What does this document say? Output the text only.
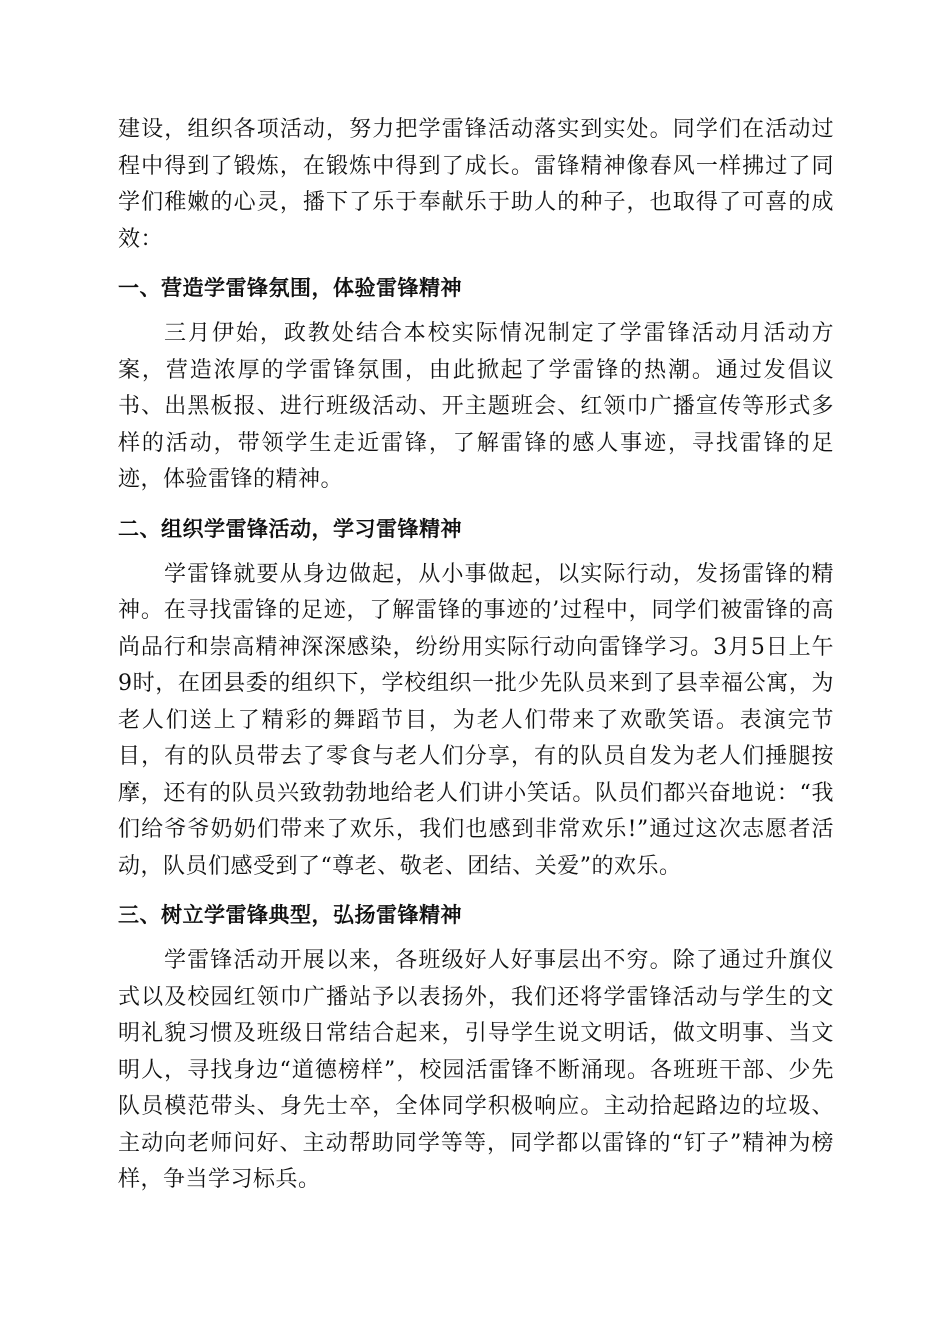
建设，组织各项活动，努力把学雷锋活动落实到实处。同学们在活动过程中得到了锻炼，在锻炼中得到了成长。雷锋精神像春风一样拂过了同学们稚嫩的心灵，播下了乐于奉献乐于助人的种子，也取得了可喜的成效：

一、营造学雷锋氛围，体验雷锋精神

三月伊始，政教处结合本校实际情况制定了学雷锋活动月活动方案，营造浓厚的学雷锋氛围，由此掀起了学雷锋的热潮。通过发倡议书、出黑板报、进行班级活动、开主题班会、红领巾广播宣传等形式多样的活动，带领学生走近雷锋，了解雷锋的感人事迹，寻找雷锋的足迹，体验雷锋的精神。

二、组织学雷锋活动，学习雷锋精神

学雷锋就要从身边做起，从小事做起，以实际行动，发扬雷锋的精神。在寻找雷锋的足迹，了解雷锋的事迹的’过程中，同学们被雷锋的高尚品行和崇高精神深深感染，纷纷用实际行动向雷锋学习。3月5日上午9时，在团县委的组织下，学校组织一批少先队员来到了县幸福公寓，为老人们送上了精彩的舞蹈节目，为老人们带来了欢歌笑语。表演完节目，有的队员带去了零食与老人们分享，有的队员自发为老人们捶腿按摩，还有的队员兴致勃勃地给老人们讲小笑话。队员们都兴奋地说：“我们给爷爷奶奶们带来了欢乐，我们也感到非常欢乐!”通过这次志愿者活动，队员们感受到了“尊老、敬老、团结、关爱”的欢乐。

三、树立学雷锋典型，弘扬雷锋精神

学雷锋活动开展以来，各班级好人好事层出不穷。除了通过升旗仪式以及校园红领巾广播站予以表扬外，我们还将学雷锋活动与学生的文明礼貌习惯及班级日常结合起来，引导学生说文明话，做文明事、当文明人，寻找身边“道德榜样”，校园活雷锋不断涌现。各班班干部、少先队员模范带头、身先士卒，全体同学积极响应。主动拾起路边的垃圾、主动向老师问好、主动帮助同学等等，同学都以雷锋的“钉子”精神为榜样，争当学习标兵。
